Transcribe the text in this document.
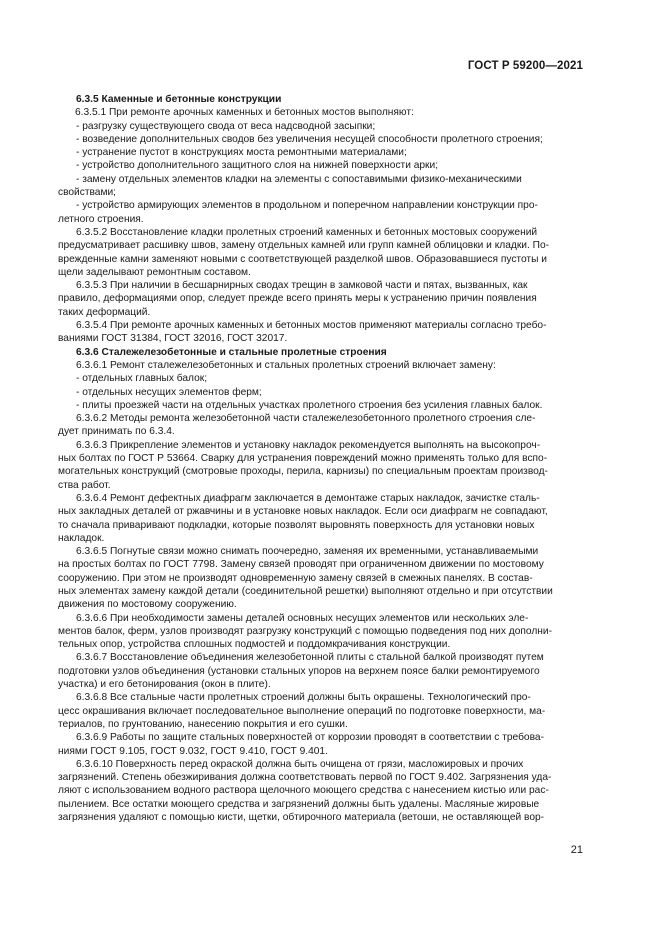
ГОСТ Р 59200—2021

6.3.5 Каменные и бетонные конструкции

6.3.5.1 При ремонте арочных каменных и бетонных мостов выполняют:

- разгрузку существующего свода от веса надсводной засыпки;

- возведение дополнительных сводов без увеличения несущей способности пролетного строения;

- устранение пустот в конструкциях моста ремонтными материалами;

- устройство дополнительного защитного слоя на нижней поверхности арки;

- замену отдельных элементов кладки на элементы с сопоставимыми физико-механическими

свойствами;

- устройство армирующих элементов в продольном и поперечном направлении конструкции про-

летного строения.

6.3.5.2 Восстановление кладки пролетных строений каменных и бетонных мостовых сооружений

предусматривает расшивку швов, замену отдельных камней или групп камней облицовки и кладки. По-

врежденные камни заменяют новыми с соответствующей разделкой швов. Образовавшиеся пустоты и

щели заделывают ремонтным составом.

6.3.5.3 При наличии в бесшарнирных сводах трещин в замковой части и пятах, вызванных, как

правило, деформациями опор, следует прежде всего принять меры к устранению причин появления

таких деформаций.

6.3.5.4 При ремонте арочных каменных и бетонных мостов применяют материалы согласно требо-

ваниями ГОСТ 31384, ГОСТ 32016, ГОСТ 32017.

6.3.6 Сталежелезобетонные и стальные пролетные строения

6.3.6.1 Ремонт сталежелезобетонных и стальных пролетных строений включает замену:

- отдельных главных балок;

- отдельных несущих элементов ферм;

- плиты проезжей части на отдельных участках пролетного строения без усиления главных балок.

6.3.6.2 Методы ремонта железобетонной части сталежелезобетонного пролетного строения сле-

дует принимать по 6.3.4.

6.3.6.3 Прикрепление элементов и установку накладок рекомендуется выполнять на высокопроч-

ных болтах по ГОСТ Р 53664. Сварку для устранения повреждений можно применять только для вспо-

могательных конструкций (смотровые проходы, перила, карнизы) по специальным проектам производ-

ства работ.

6.3.6.4 Ремонт дефектных диафрагм заключается в демонтаже старых накладок, зачистке сталь-

ных закладных деталей от ржавчины и в установке новых накладок. Если оси диафрагм не совпадают,

то сначала приваривают подкладки, которые позволят выровнять поверхность для установки новых

накладок.

6.3.6.5 Погнутые связи можно снимать поочередно, заменяя их временными, устанавливаемыми

на простых болтах по ГОСТ 7798. Замену связей проводят при ограниченном движении по мостовому

сооружению. При этом не производят одновременную замену связей в смежных панелях. В состав-

ных элементах замену каждой детали (соединительной решетки) выполняют отдельно и при отсутствии

движения по мостовому сооружению.

6.3.6.6 При необходимости замены деталей основных несущих элементов или нескольких эле-

ментов балок, ферм, узлов производят разгрузку конструкций с помощью подведения под них дополни-

тельных опор, устройства сплошных подмостей и поддомкрачивания конструкции.

6.3.6.7 Восстановление объединения железобетонной плиты с стальной балкой производят путем

подготовки узлов объединения (установки стальных упоров на верхнем поясе балки ремонтируемого

участка) и его бетонирования (окон в плите).

6.3.6.8 Все стальные части пролетных строений должны быть окрашены. Технологический про-

цесс окрашивания включает последовательное выполнение операций по подготовке поверхности, ма-

териалов, по грунтованию, нанесению покрытия и его сушки.

6.3.6.9 Работы по защите стальных поверхностей от коррозии проводят в соответствии с требова-

ниями ГОСТ 9.105, ГОСТ 9.032, ГОСТ 9.410, ГОСТ 9.401.

6.3.6.10 Поверхность перед окраской должна быть очищена от грязи, масложировых и прочих

загрязнений. Степень обезжиривания должна соответствовать первой по ГОСТ 9.402. Загрязнения уда-

ляют с использованием водного раствора щелочного моющего средства с нанесением кистью или рас-

пылением. Все остатки моющего средства и загрязнений должны быть удалены. Масляные жировые

загрязнения удаляют с помощью кисти, щетки, обтирочного материала (ветоши, не оставляющей вор-

21
